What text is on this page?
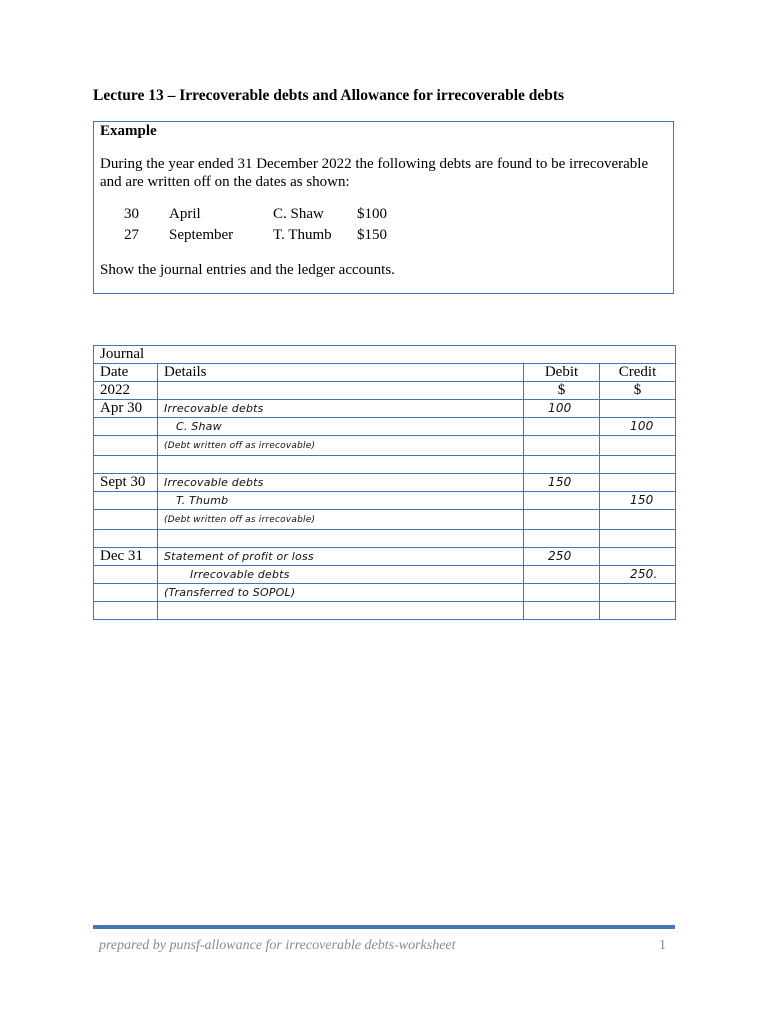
Lecture 13 – Irrecoverable debts and Allowance for irrecoverable debts
Example
During the year ended 31 December 2022 the following debts are found to be irrecoverable and are written off on the dates as shown:
30 April	C. Shaw $100
27 September	T. Thumb $150
Show the journal entries and the ledger accounts.
Journal			
Date	Details	Debit	Credit
2022		$	$
Apr 30	Irrecovable debts	100	
	C. Shaw		100
	(Debt written off as irrecovable)		

Sept 30	Irrecovable debts	150	
	T. Thumb		150
	(Debt written off as irrecovable)		

Dec 31	Statement of profit or loss	250	
	Irrecovable debts		250.
	(Transferred to SOPOL)		

prepared by punsf-allowance for irrecoverable debts-worksheet	1
